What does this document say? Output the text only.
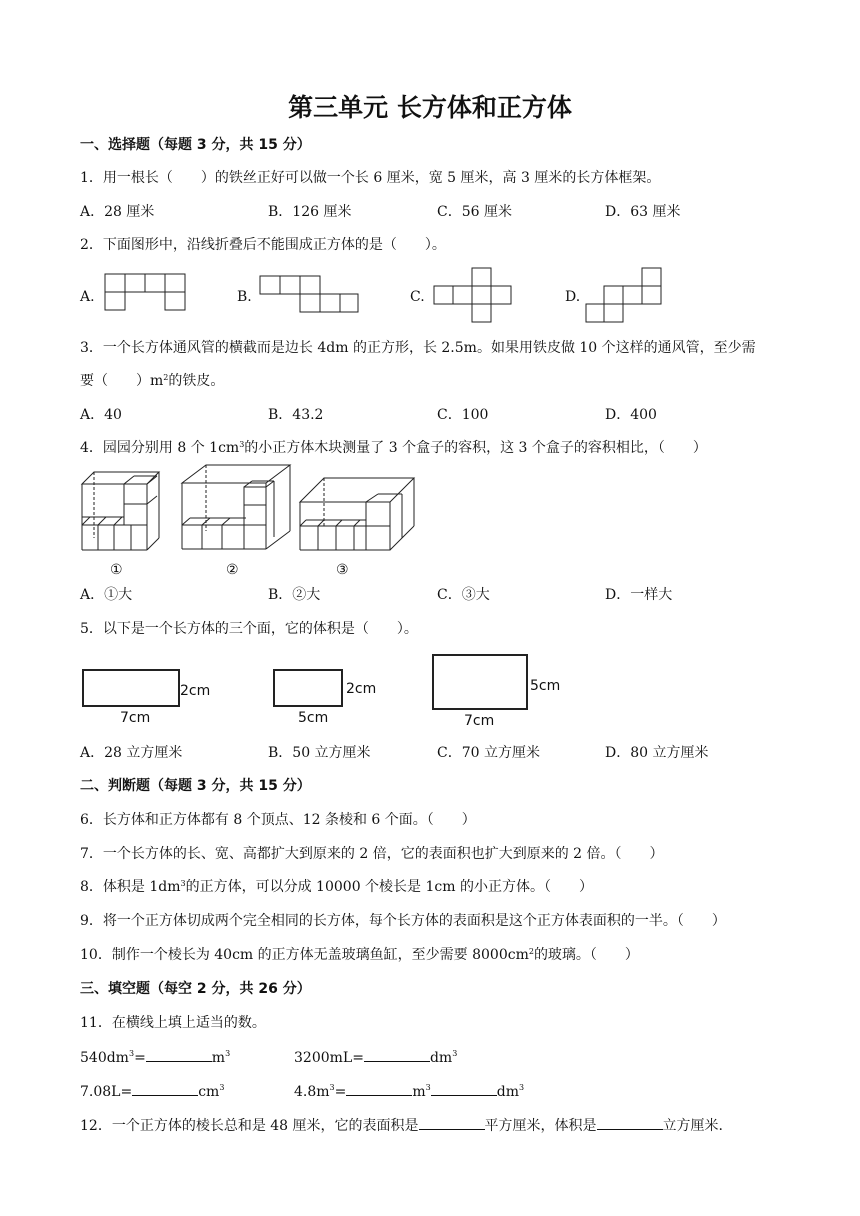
第三单元 长方体和正方体
一、选择题（每题 3 分，共 15 分）
1．用一根长（　　）的铁丝正好可以做一个长 6 厘米，宽 5 厘米，高 3 厘米的长方体框架。
A．28 厘米	B．126 厘米	C．56 厘米	D．63 厘米
2．下面图形中，沿线折叠后不能围成正方体的是（　　）。
A.	B.	C.	D.
3．一个长方体通风管的横截而是边长 4dm 的正方形，长 2.5m。如果用铁皮做 10 个这样的通风管，至少需
要（　　）$m^2$的铁皮。
A．40	B．43.2	C．100	D．400
4．园园分别用 8 个 $1cm^3$的小正方体木块测量了 3 个盒子的容积，这 3 个盒子的容积相比，（　　）
①	②	③
A．①大	B．②大	C．③大	D．一样大
5．以下是一个长方体的三个面，它的体积是（　　）。
2cm
7cm
2cm
5cm
5cm
7cm
A．28 立方厘米	B．50 立方厘米	C．70 立方厘米	D．80 立方厘米
二、判断题（每题 3 分，共 15 分）
6．长方体和正方体都有 8 个顶点、12 条棱和 6 个面。（　　）
7．一个长方体的长、宽、高都扩大到原来的 2 倍，它的表面积也扩大到原来的 2 倍。（　　）
8．体积是 $1dm^3$的正方体，可以分成 10000 个棱长是 1cm 的小正方体。（　　）
9．将一个正方体切成两个完全相同的长方体，每个长方体的表面积是这个正方体表面积的一半。（　　）
10．制作一个棱长为 40cm 的正方体无盖玻璃鱼缸，至少需要 $8000cm^2$的玻璃。（　　）
三、填空题（每空 2 分，共 26 分）
11．在横线上填上适当的数。
$540dm^3=$	$m^3$	3200mL=	$dm^3$
7.08L=	$cm^3$	$4.8m^3=$	$m^3$	$dm^3$
12．一个正方体的棱长总和是 48 厘米，它的表面积是	平方厘米，体积是	立方厘米.
